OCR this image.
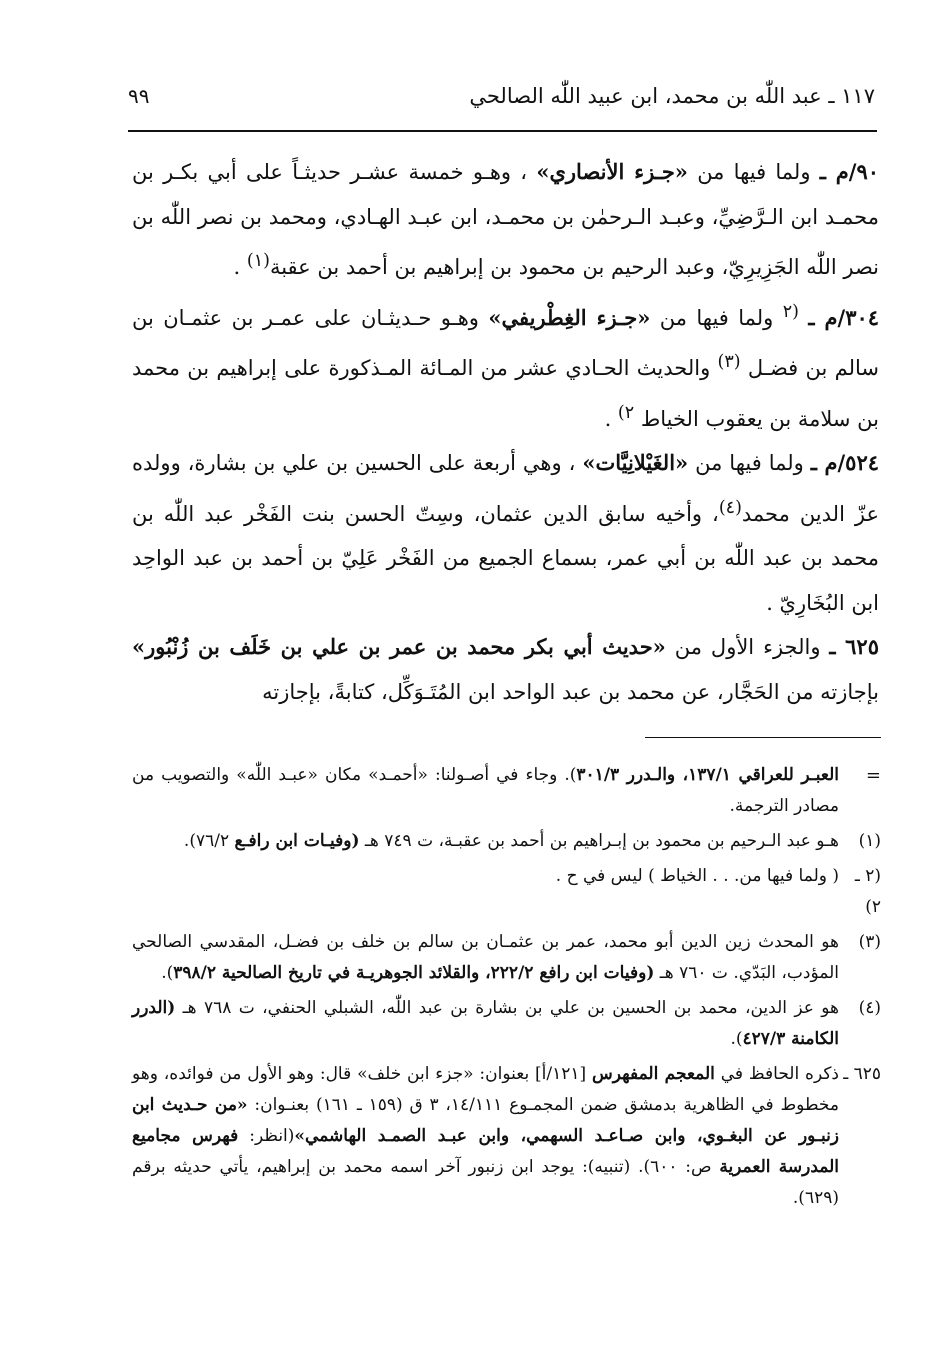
١١٧ ـ عبد اللّٰه بن محمد، ابن عبيد اللّٰه الصالحي
٩٩

٩٠/م ـ ولما فيها من «جـزء الأنصاري» ، وهـو خمسة عشـر حديثـاً على أبي بكـر بن محمـد ابن الـرَّضِيِّ، وعبـد الـرحمٰن بن محمـد، ابن عبـد الهـادي، ومحمد بن نصر اللّٰه بن نصر اللّٰه الجَزِيرِيّ، وعبد الرحيم بن محمود بن إبراهيم بن أحمد بن عقبة$^{(١)}$ .

٣٠٤/م ـ $^{(٢}$ ولما فيها من «جـزء الغِطْريفي» وهـو حـديثـان على عمـر بن عثمـان بن سالم بن فضـل $^{(٣)}$ والحديث الحـادي عشر من المـائة المـذكورة على إبراهيم بن محمد بن سلامة بن يعقوب الخياط $^{٢)}$ .

٥٢٤/م ـ ولما فيها من «الغَيْلانِيَّات» ، وهي أربعة على الحسين بن علي بن بشارة، وولده عزّ الدين محمد$^{(٤)}$، وأخيه سابق الدين عثمان، وسِتّ الحسن بنت الفَخْر عبد اللّٰه بن محمد بن عبد اللّٰه بن أبي عمر، بسماع الجميع من الفَخْر عَلِيّ بن أحمد بن عبد الواحِد ابن البُخَارِيّ .

٦٢٥ ـ والجزء الأول من «حديث أبي بكر محمد بن عمر بن علي بن خَلَف بن زُنْبُور» بإجازته من الحَجَّار، عن محمد بن عبد الواحد ابن المُتَـوَكِّل، كتابةً، بإجازته

=
العبـر للعراقي ١٣٧/١، والـدرر ٣٠١/٣). وجاء في أصـولنا: «أحمـد» مكان «عبـد اللّٰه» والتصويب من مصادر الترجمة.
(١)
هـو عبد الـرحيم بن محمود بن إبـراهيم بن أحمد بن عقبـة، ت ٧٤٩ هـ (وفيـات ابن رافـع ٧٦/٢).
(٢ ـ ٢)
( ولما فيها من. . . الخياط ) ليس في ح .
(٣)
هو المحدث زين الدين أبو محمد، عمر بن عثمـان بن سالم بن خلف بن فضـل، المقدسي الصالحي المؤدب، البَدّي. ت ٧٦٠ هـ (وفيات ابن رافع ٢٢٢/٢، والقلائد الجوهريـة في تاريخ الصالحية ٣٩٨/٢).
(٤)
هو عز الدين، محمد بن الحسين بن علي بن بشارة بن عبد اللّٰه، الشبلي الحنفي، ت ٧٦٨ هـ (الدرر الكامنة ٤٢٧/٣).
٦٢٥ ـ
ذكره الحافظ في المعجم المفهرس [١٢١/أ] بعنوان: «جزء ابن خلف» قال: وهو الأول من فوائده، وهو مخطوط في الظاهرية بدمشق ضمن المجمـوع ١٤/١١١، ٣ ق (١٥٩ ـ ١٦١) بعنـوان: «من حـديث ابن زنبـور عن البغـوي، وابن صـاعـد السهمي، وابن عبـد الصمـد الهاشمي»(انظر: فهرس مجاميع المدرسة العمرية ص: ٦٠٠). (تنبيه): يوجد ابن زنبور آخر اسمه محمد بن إبراهيم، يأتي حديثه برقم (٦٢٩).
